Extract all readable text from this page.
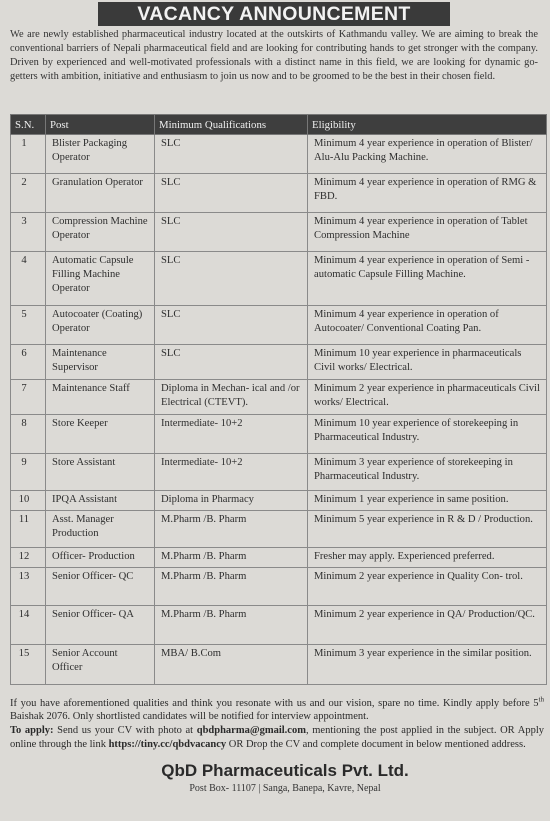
VACANCY ANNOUNCEMENT
We are newly established pharmaceutical industry located at the outskirts of Kathmandu valley. We are aiming to break the conventional barriers of Nepali pharmaceutical field and are looking for contributing hands to get stronger with the company. Driven by experienced and well-motivated professionals with a distinct name in this field, we are looking for dynamic go-getters with ambition, initiative and enthusiasm to join us now and to be groomed to be the best in their chosen field.
S.N.	Post	Minimum Qualifications	Eligibility
1	Blister Packaging Operator	SLC	Minimum 4 year experience in operation of Blister/ Alu-Alu Packing Machine.
2	Granulation Operator	SLC	Minimum 4 year experience in operation of RMG & FBD.
3	Compression Machine Operator	SLC	Minimum 4 year experience in operation of Tablet Compression Machine
4	Automatic Capsule Filling Machine Operator	SLC	Minimum 4 year experience in operation of Semi -automatic Capsule Filling Machine.
5	Autocoater (Coating) Operator	SLC	Minimum 4 year experience in operation of Autocoater/ Conventional Coating Pan.
6	Maintenance Supervisor	SLC	Minimum 10 year experience in pharmaceuticals Civil works/ Electrical.
7	Maintenance Staff	Diploma in Mechan- ical and /or Electrical (CTEVT).	Minimum 2 year experience in pharmaceuticals Civil works/ Electrical.
8	Store Keeper	Intermediate- 10+2	Minimum 10 year experience of storekeeping in Pharmaceutical Industry.
9	Store Assistant	Intermediate- 10+2	Minimum 3 year experience of storekeeping in Pharmaceutical Industry.
10	IPQA Assistant	Diploma in Pharmacy	Minimum 1 year experience in same position.
11	Asst. Manager Production	M.Pharm /B. Pharm	Minimum 5 year experience in R & D / Production.
12	Officer- Production	M.Pharm /B. Pharm	Fresher may apply. Experienced preferred.
13	Senior Officer- QC	M.Pharm /B. Pharm	Minimum 2 year experience in Quality Con- trol.
14	Senior Officer- QA	M.Pharm /B. Pharm	Minimum 2 year experience in QA/ Production/QC.
15	Senior Account Officer	MBA/ B.Com	Minimum 3 year experience in the similar position.
If you have aforementioned qualities and think you resonate with us and our vision, spare no time. Kindly apply before 5th Baishak 2076. Only shortlisted candidates will be notified for interview appointment.
To apply: Send us your CV with photo at qbdpharma@gmail.com, mentioning the post applied in the subject. OR Apply online through the link https://tiny.cc/qbdvacancy OR Drop the CV and complete document in below mentioned address.
QbD Pharmaceuticals Pvt. Ltd.
Post Box- 11107 | Sanga, Banepa, Kavre, Nepal
